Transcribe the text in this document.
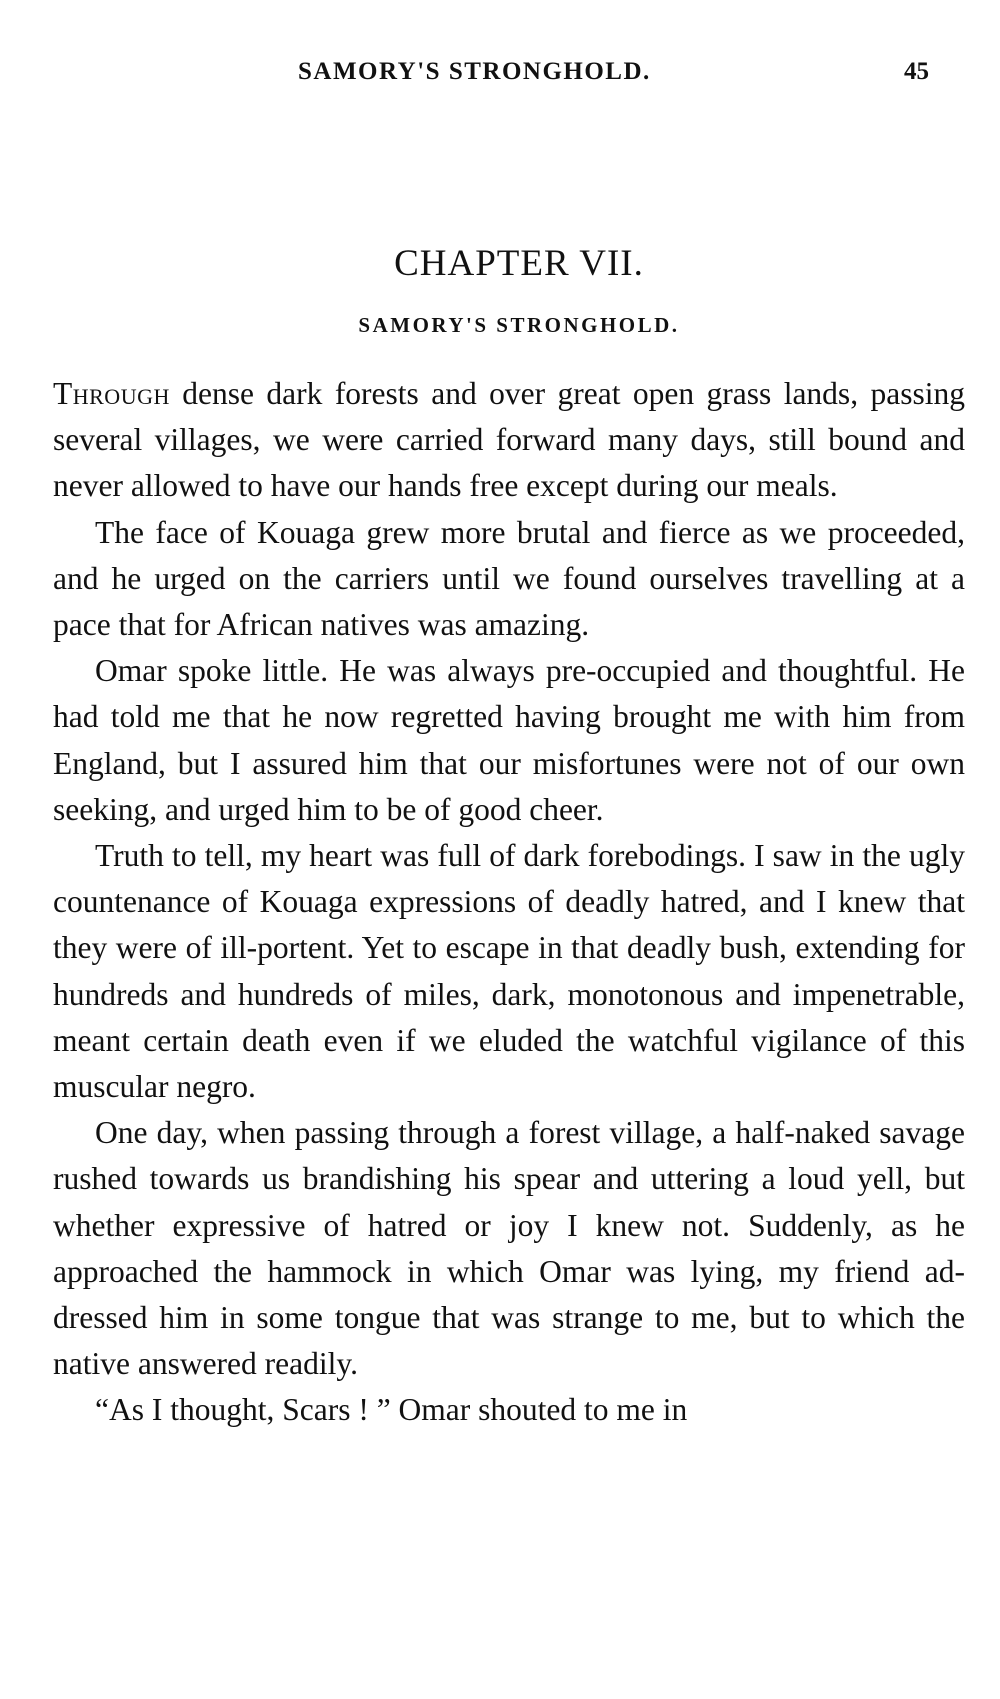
SAMORY'S STRONGHOLD.	45
CHAPTER VII.
SAMORY'S STRONGHOLD.

Through dense dark forests and over great open grass lands, passing several villages, we were carried forward many days, still bound and never allowed to have our hands free except during our meals.

The face of Kouaga grew more brutal and fierce as we proceeded, and he urged on the carriers until we found ourselves travelling at a pace that for African natives was amazing.

Omar spoke little. He was always pre-occupied and thoughtful. He had told me that he now regretted having brought me with him from England, but I assured him that our misfortunes were not of our own seeking, and urged him to be of good cheer.

Truth to tell, my heart was full of dark forebodings. I saw in the ugly countenance of Kouaga expressions of deadly hatred, and I knew that they were of ill-portent. Yet to escape in that deadly bush, extending for hundreds and hundreds of miles, dark, monotonous and impenetrable, meant certain death even if we eluded the watchful vigilance of this muscular negro.

One day, when passing through a forest village, a half-naked savage rushed towards us brandishing his spear and uttering a loud yell, but whether expressive of hatred or joy I knew not. Suddenly, as he approached the hammock in which Omar was lying, my friend ad-dressed him in some tongue that was strange to me, but to which the native answered readily.

“As I thought, Scars ! ” Omar shouted to me in
